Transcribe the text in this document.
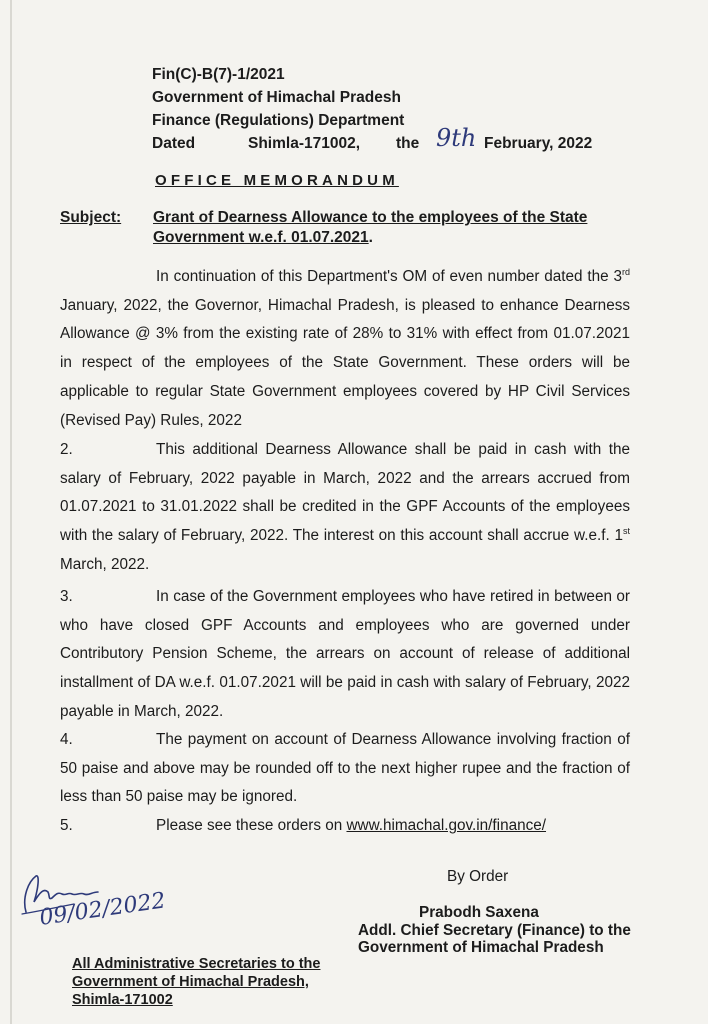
Fin(C)-B(7)-1/2021
Government of Himachal Pradesh
Finance (Regulations) Department
Dated	Shimla-171002, the 9th February, 2022
OFFICE MEMORANDUM
Subject: Grant of Dearness Allowance to the employees of the State
Government w.e.f. 01.07.2021.
In continuation of this Department's OM of even number dated the 3rd January, 2022, the Governor, Himachal Pradesh, is pleased to enhance Dearness Allowance @ 3% from the existing rate of 28% to 31% with effect from 01.07.2021 in respect of the employees of the State Government. These orders will be applicable to regular State Government employees covered by HP Civil Services (Revised Pay) Rules, 2022
2.	This additional Dearness Allowance shall be paid in cash with the salary of February, 2022 payable in March, 2022 and the arrears accrued from 01.07.2021 to 31.01.2022 shall be credited in the GPF Accounts of the employees with the salary of February, 2022. The interest on this account shall accrue w.e.f. 1st March, 2022.
3.	In case of the Government employees who have retired in between or who have closed GPF Accounts and employees who are governed under Contributory Pension Scheme, the arrears on account of release of additional installment of DA w.e.f. 01.07.2021 will be paid in cash with salary of February, 2022 payable in March, 2022.
4.	The payment on account of Dearness Allowance involving fraction of 50 paise and above may be rounded off to the next higher rupee and the fraction of less than 50 paise may be ignored.
5.	Please see these orders on www.himachal.gov.in/finance/
By Order
Prabodh Saxena
Addl. Chief Secretary (Finance) to the
Government of Himachal Pradesh
09/02/2022
All Administrative Secretaries to the
Government of Himachal Pradesh,
Shimla-171002
